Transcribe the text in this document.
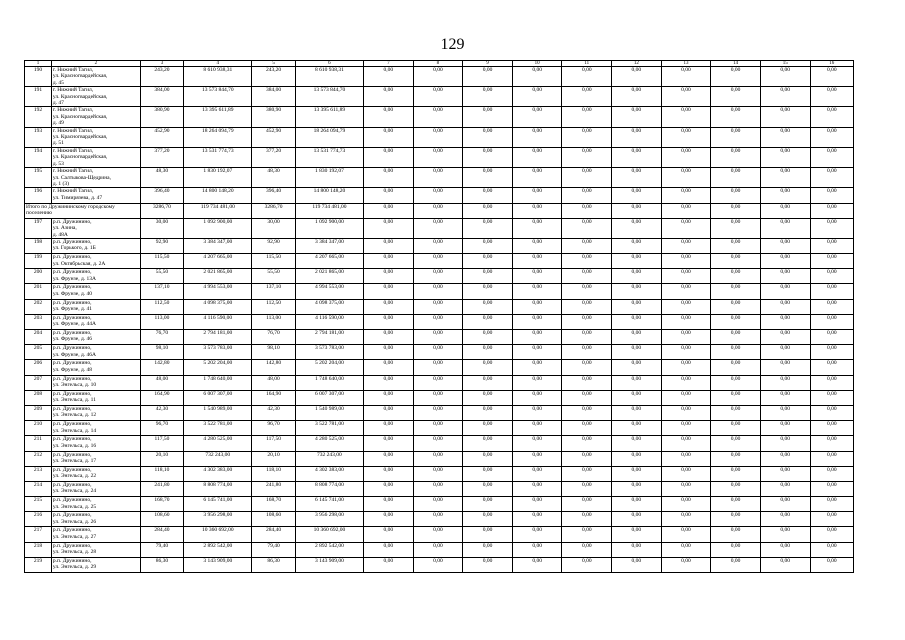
129
1	2	3	4	5	6	7	8	9	10	11	12	13	14	15	16
190	г. Нижний Тагил,
ул. Красногвардейская,
д. 45	243,20	8 610 938,31	243,20	8 610 938,31	0,00	0,00	0,00	0,00	0,00	0,00	0,00	0,00	0,00	0,00
191	г. Нижний Тагил,
ул. Красногвардейская,
д. 47	384,00	13 573 844,70	384,00	13 573 844,70	0,00	0,00	0,00	0,00	0,00	0,00	0,00	0,00	0,00	0,00
192	г. Нижний Тагил,
ул. Красногвардейская,
д. 49	380,90	13 395 611,89	380,90	13 395 611,89	0,00	0,00	0,00	0,00	0,00	0,00	0,00	0,00	0,00	0,00
193	г. Нижний Тагил,
ул. Красногвардейская,
д. 51	452,90	18 264 094,79	452,90	18 264 094,79	0,00	0,00	0,00	0,00	0,00	0,00	0,00	0,00	0,00	0,00
194	г. Нижний Тагил,
ул. Красногвардейская,
д. 53	377,20	13 531 774,73	377,20	13 531 774,73	0,00	0,00	0,00	0,00	0,00	0,00	0,00	0,00	0,00	0,00
195	г. Нижний Тагил,
ул. Салтыкова-Щедрина,
д. 1 (3)	48,30	1 830 192,07	48,30	1 830 192,07	0,00	0,00	0,00	0,00	0,00	0,00	0,00	0,00	0,00	0,00
196	г. Нижний Тагил,
ул. Тимирязева, д. 47	396,40	14 800 148,20	396,40	14 800 148,20	0,00	0,00	0,00	0,00	0,00	0,00	0,00	0,00	0,00	0,00
Итого по Дружининскому городскому поселению		3286,70	119 734 481,00	3286,70	119 734 481,00	0,00	0,00	0,00	0,00	0,00	0,00	0,00	0,00	0,00	0,00
197	р.п. Дружинино,
ул. Азина,
д. 48А	30,00	1 092 900,00	30,00	1 092 900,00	0,00	0,00	0,00	0,00	0,00	0,00	0,00	0,00	0,00	0,00
198	р.п. Дружинино,
ул. Горького, д. 1Б	92,90	3 384 347,00	92,90	3 384 347,00	0,00	0,00	0,00	0,00	0,00	0,00	0,00	0,00	0,00	0,00
199	р.п. Дружинино,
ул. Октябрьская, д. 2А	115,50	4 207 665,00	115,50	4 207 665,00	0,00	0,00	0,00	0,00	0,00	0,00	0,00	0,00	0,00	0,00
200	р.п. Дружинино,
ул. Фрунзе, д. 13А	55,50	2 021 865,00	55,50	2 021 865,00	0,00	0,00	0,00	0,00	0,00	0,00	0,00	0,00	0,00	0,00
201	р.п. Дружинино,
ул. Фрунзе, д. 40	137,10	4 994 553,00	137,10	4 994 553,00	0,00	0,00	0,00	0,00	0,00	0,00	0,00	0,00	0,00	0,00
202	р.п. Дружинино,
ул. Фрунзе, д. 41	112,50	4 098 375,00	112,50	4 098 375,00	0,00	0,00	0,00	0,00	0,00	0,00	0,00	0,00	0,00	0,00
203	р.п. Дружинино,
ул. Фрунзе, д. 44А	113,00	4 116 590,00	113,00	4 116 590,00	0,00	0,00	0,00	0,00	0,00	0,00	0,00	0,00	0,00	0,00
204	р.п. Дружинино,
ул. Фрунзе, д. 46	76,70	2 794 181,00	76,70	2 794 181,00	0,00	0,00	0,00	0,00	0,00	0,00	0,00	0,00	0,00	0,00
205	р.п. Дружинино,
ул. Фрунзе, д. 46А	98,10	3 573 783,00	98,10	3 573 783,00	0,00	0,00	0,00	0,00	0,00	0,00	0,00	0,00	0,00	0,00
206	р.п. Дружинино,
ул. Фрунзе, д. 48	142,80	5 202 204,00	142,80	5 202 204,00	0,00	0,00	0,00	0,00	0,00	0,00	0,00	0,00	0,00	0,00
207	р.п. Дружинино,
ул. Энгельса, д. 10	48,00	1 748 640,00	48,00	1 748 640,00	0,00	0,00	0,00	0,00	0,00	0,00	0,00	0,00	0,00	0,00
208	р.п. Дружинино,
ул. Энгельса, д. 11	164,90	6 007 307,00	164,90	6 007 307,00	0,00	0,00	0,00	0,00	0,00	0,00	0,00	0,00	0,00	0,00
209	р.п. Дружинино,
ул. Энгельса, д. 12	42,30	1 540 989,00	42,30	1 540 989,00	0,00	0,00	0,00	0,00	0,00	0,00	0,00	0,00	0,00	0,00
210	р.п. Дружинино,
ул. Энгельса, д. 14	96,70	3 522 781,00	96,70	3 522 781,00	0,00	0,00	0,00	0,00	0,00	0,00	0,00	0,00	0,00	0,00
211	р.п. Дружинино,
ул. Энгельса, д. 16	117,50	4 280 525,00	117,50	4 280 525,00	0,00	0,00	0,00	0,00	0,00	0,00	0,00	0,00	0,00	0,00
212	р.п. Дружинино,
ул. Энгельса, д. 17	20,10	732 243,00	20,10	732 243,00	0,00	0,00	0,00	0,00	0,00	0,00	0,00	0,00	0,00	0,00
213	р.п. Дружинино,
ул. Энгельса, д. 22	118,10	4 302 383,00	118,10	4 302 383,00	0,00	0,00	0,00	0,00	0,00	0,00	0,00	0,00	0,00	0,00
214	р.п. Дружинино,
ул. Энгельса, д. 24	241,80	8 808 774,00	241,80	8 808 774,00	0,00	0,00	0,00	0,00	0,00	0,00	0,00	0,00	0,00	0,00
215	р.п. Дружинино,
ул. Энгельса, д. 25	168,70	6 145 741,00	168,70	6 145 741,00	0,00	0,00	0,00	0,00	0,00	0,00	0,00	0,00	0,00	0,00
216	р.п. Дружинино,
ул. Энгельса, д. 26	108,60	3 956 298,00	108,60	3 956 298,00	0,00	0,00	0,00	0,00	0,00	0,00	0,00	0,00	0,00	0,00
217	р.п. Дружинино,
ул. Энгельса, д. 27	284,40	10 360 692,00	284,40	10 360 692,00	0,00	0,00	0,00	0,00	0,00	0,00	0,00	0,00	0,00	0,00
218	р.п. Дружинино,
ул. Энгельса, д. 28	79,40	2 892 542,00	79,40	2 892 542,00	0,00	0,00	0,00	0,00	0,00	0,00	0,00	0,00	0,00	0,00
219	р.п. Дружинино,
ул. Энгельса, д. 29	86,30	3 143 909,00	86,30	3 143 909,00	0,00	0,00	0,00	0,00	0,00	0,00	0,00	0,00	0,00	0,00
